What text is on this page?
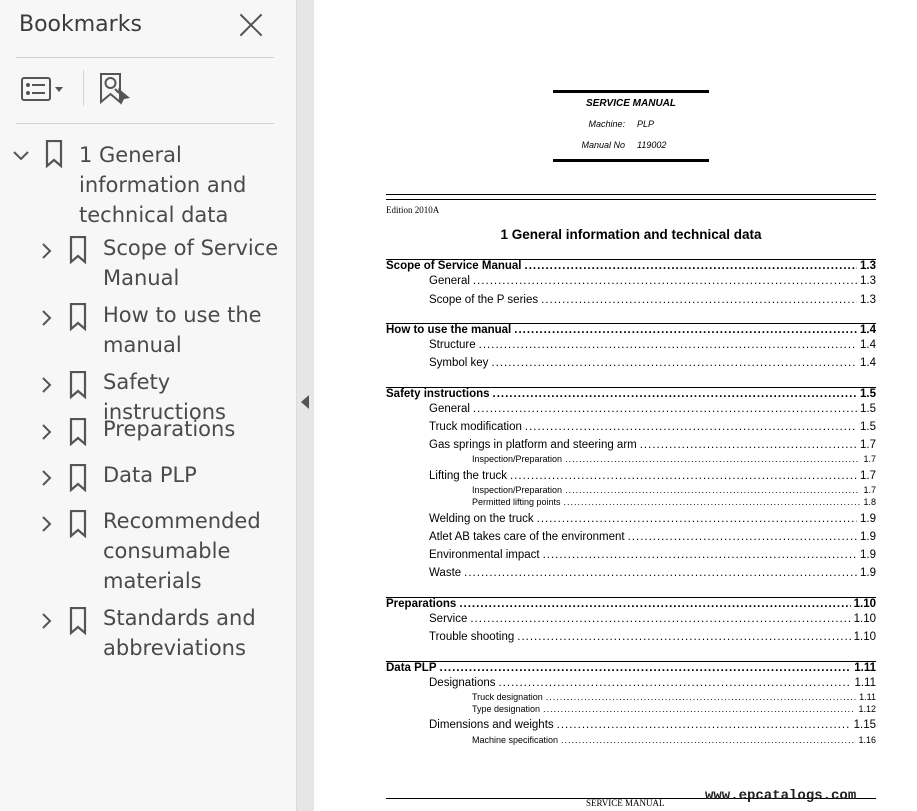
Bookmarks
1 General
information and
technical data
Scope of Service
Manual
How to use the
manual
Safety instructions
Preparations
Data PLP
Recommended
consumable
materials
Standards and
abbreviations
SERVICE MANUAL
Machine: PLP
Manual No 119002
Edition 2010A
1 General information and technical data
Scope of Service Manual .....	1.3
General .....	1.3
Scope of the P series .....	1.3
How to use the manual .....	1.4
Structure .....	1.4
Symbol key .....	1.4
Safety instructions .....	1.5
General .....	1.5
Truck modification .....	1.5
Gas springs in platform and steering arm .....	1.7
Inspection/Preparation .....	1.7
Lifting the truck .....	1.7
Inspection/Preparation .....	1.7
Permitted lifting points .....	1.8
Welding on the truck .....	1.9
Atlet AB takes care of the environment .....	1.9
Environmental impact .....	1.9
Waste .....	1.9
Preparations .....	1.10
Service .....	1.10
Trouble shooting .....	1.10
Data PLP .....	1.11
Designations .....	1.11
Truck designation .....	1.11
Type designation .....	1.12
Dimensions and weights .....	1.15
Machine specification .....	1.16
SERVICE MANUAL	www.epcatalogs.com
